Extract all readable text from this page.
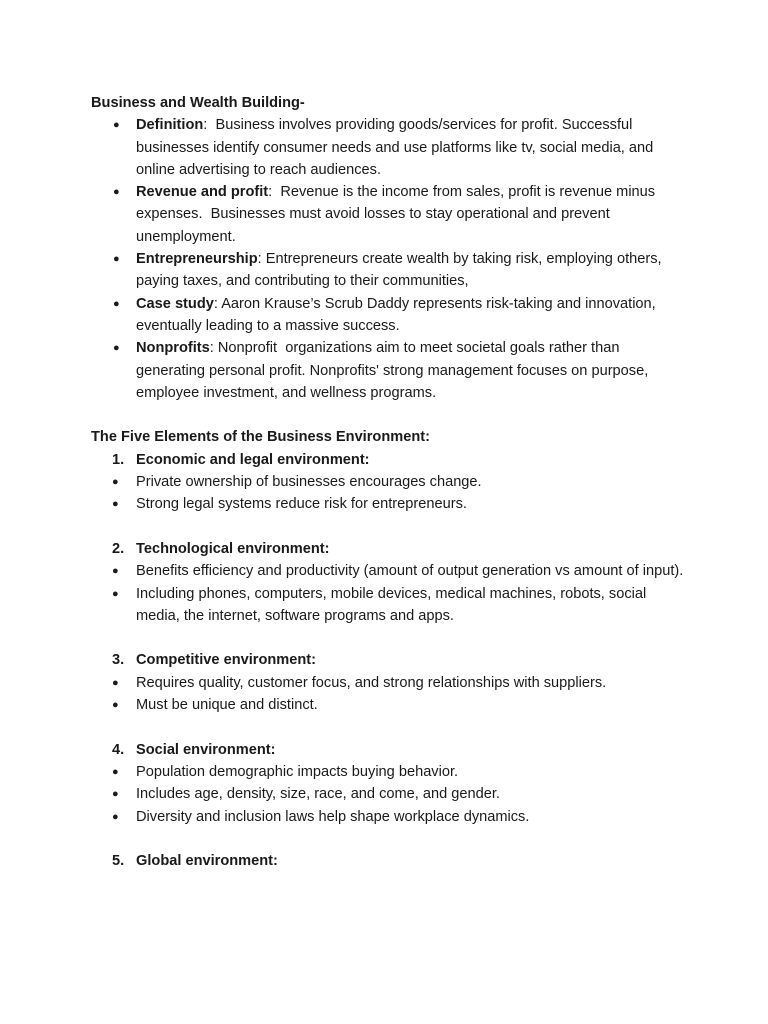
Business and Wealth Building-

● Definition:  Business involves providing goods/services for profit. Successful businesses identify consumer needs and use platforms like tv, social media, and online advertising to reach audiences.
● Revenue and profit:  Revenue is the income from sales, profit is revenue minus expenses.  Businesses must avoid losses to stay operational and prevent unemployment.
● Entrepreneurship: Entrepreneurs create wealth by taking risk, employing others, paying taxes, and contributing to their communities,
● Case study: Aaron Krause’s Scrub Daddy represents risk-taking and innovation, eventually leading to a massive success.
● Nonprofits: Nonprofit  organizations aim to meet societal goals rather than generating personal profit. Nonprofits' strong management focuses on purpose, employee investment, and wellness programs.

The Five Elements of the Business Environment:

1. Economic and legal environment:
● Private ownership of businesses encourages change.
● Strong legal systems reduce risk for entrepreneurs.
2. Technological environment:
● Benefits efficiency and productivity (amount of output generation vs amount of input).
● Including phones, computers, mobile devices, medical machines, robots, social media, the internet, software programs and apps.
3. Competitive environment:
● Requires quality, customer focus, and strong relationships with suppliers.
● Must be unique and distinct.
4. Social environment:
● Population demographic impacts buying behavior.
● Includes age, density, size, race, and come, and gender.
● Diversity and inclusion laws help shape workplace dynamics.
5. Global environment:
